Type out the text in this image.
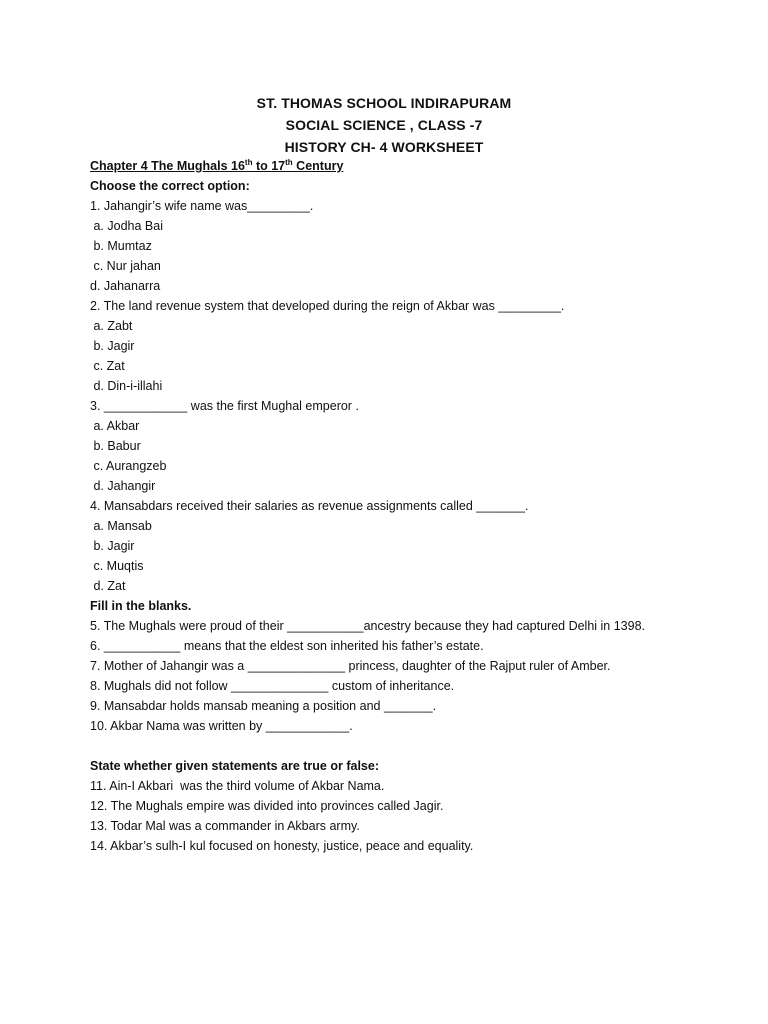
ST. THOMAS SCHOOL INDIRAPURAM
SOCIAL SCIENCE , CLASS -7
HISTORY CH- 4 WORKSHEET
Chapter 4 The Mughals 16th to 17th Century
Choose the correct option:
1. Jahangir’s wife name was_________.
a. Jodha Bai
b. Mumtaz
c. Nur jahan
d. Jahanarra
2. The land revenue system that developed during the reign of Akbar was _________.
a. Zabt
b. Jagir
c. Zat
d. Din-i-illahi
3. ____________ was the first Mughal emperor .
a. Akbar
b. Babur
c. Aurangzeb
d. Jahangir
4. Mansabdars received their salaries as revenue assignments called _______.
a. Mansab
b. Jagir
c. Muqtis
d. Zat
Fill in the blanks.
5. The Mughals were proud of their ___________ancestry because they had captured Delhi in 1398.
6. ___________ means that the eldest son inherited his father’s estate.
7. Mother of Jahangir was a ______________ princess, daughter of the Rajput ruler of Amber.
8. Mughals did not follow ______________ custom of inheritance.
9. Mansabdar holds mansab meaning a position and _______.
10. Akbar Nama was written by ____________.
State whether given statements are true or false:
11. Ain-I Akbari  was the third volume of Akbar Nama.
12. The Mughals empire was divided into provinces called Jagir.
13. Todar Mal was a commander in Akbars army.
14. Akbar’s sulh-I kul focused on honesty, justice, peace and equality.
